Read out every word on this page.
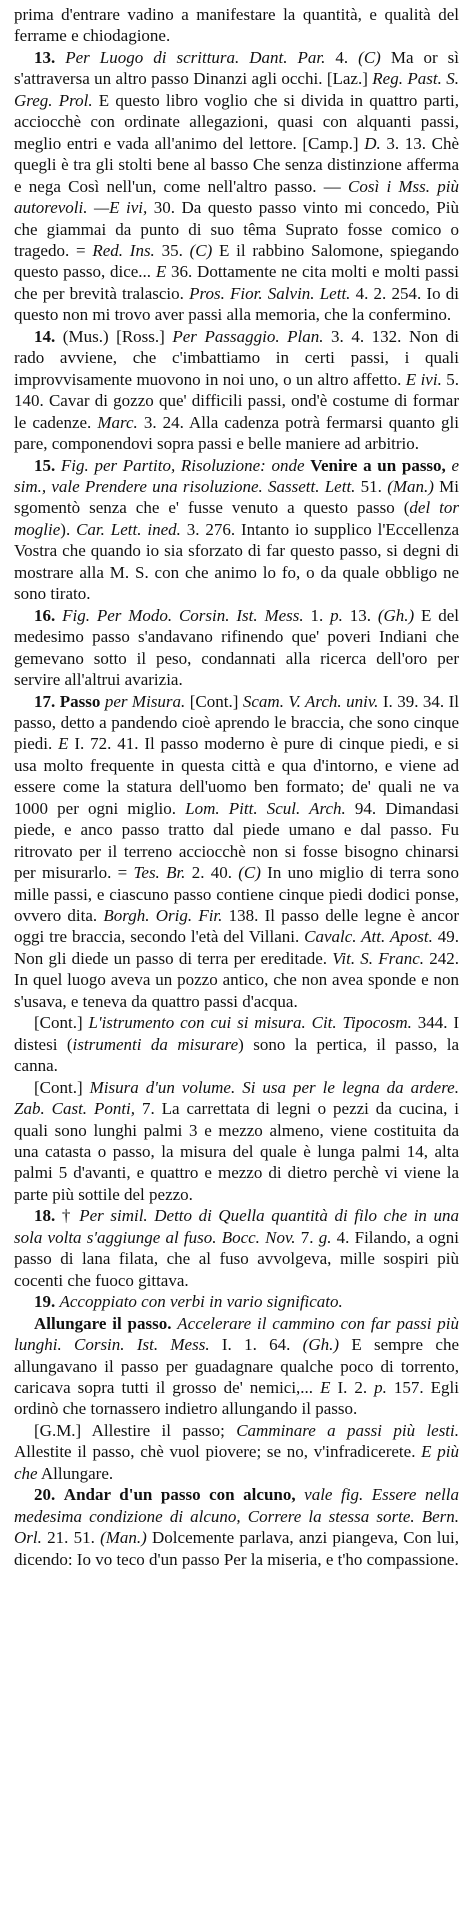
prima d'entrare vadino a manifestare la quantità, e qualità del ferrame e chiodagione.

13. Per Luogo di scrittura. Dant. Par. 4. (C) Ma or sì s'attraversa un altro passo Dinanzi agli occhi. [Laz.] Reg. Past. S. Greg. Prol. E questo libro voglio che si divida in quattro parti, acciocchè con ordinate allegazioni, quasi con alquanti passi, meglio entri e vada all'animo del lettore. [Camp.] D. 3. 13. Chè quegli è tra gli stolti bene al basso Che senza distinzione afferma e nega Così nell'un, come nell'altro passo. — Così i Mss. più autorevoli. —E ivi, 30. Da questo passo vinto mi concedo, Più che giammai da punto di suo têma Suprato fosse comico o tragedo. = Red. Ins. 35. (C) E il rabbino Salomone, spiegando questo passo, dice... E 36. Dottamente ne cita molti e molti passi che per brevità tralascio. Pros. Fior. Salvin. Lett. 4. 2. 254. Io di questo non mi trovo aver passi alla memoria, che la confermino.

14. (Mus.) [Ross.] Per Passaggio. Plan. 3. 4. 132. Non di rado avviene, che c'imbattiamo in certi passi, i quali improvvisamente muovono in noi uno, o un altro affetto. E ivi. 5. 140. Cavar di gozzo que' difficili passi, ond'è costume di formar le cadenze. Marc. 3. 24. Alla cadenza potrà fermarsi quanto gli pare, componendovi sopra passi e belle maniere ad arbitrio.

15. Fig. per Partito, Risoluzione: onde Venire a un passo, e sim., vale Prendere una risoluzione. Sassett. Lett. 51. (Man.) Mi sgomentò senza che e' fusse venuto a questo passo (del tor moglie). Car. Lett. ined. 3. 276. Intanto io supplico l'Eccellenza Vostra che quando io sia sforzato di far questo passo, si degni di mostrare alla M. S. con che animo lo fo, o da quale obbligo ne sono tirato.

16. Fig. Per Modo. Corsin. Ist. Mess. 1. p. 13. (Gh.) E del medesimo passo s'andavano rifinendo que' poveri Indiani che gemevano sotto il peso, condannati alla ricerca dell'oro per servire all'altrui avarizia.

17. Passo per Misura. [Cont.] Scam. V. Arch. univ. I. 39. 34. Il passo, detto a pandendo cioè aprendo le braccia, che sono cinque piedi. E I. 72. 41. Il passo moderno è pure di cinque piedi, e si usa molto frequente in questa città e qua d'intorno, e viene ad essere come la statura dell'uomo ben formato; de' quali ne va 1000 per ogni miglio. Lom. Pitt. Scul. Arch. 94. Dimandasi piede, e anco passo tratto dal piede umano e dal passo. Fu ritrovato per il terreno acciocchè non si fosse bisogno chinarsi per misurarlo. = Tes. Br. 2. 40. (C) In uno miglio di terra sono mille passi, e ciascuno passo contiene cinque piedi dodici ponse, ovvero dita. Borgh. Orig. Fir. 138. Il passo delle legne è ancor oggi tre braccia, secondo l'età del Villani. Cavalc. Att. Apost. 49. Non gli diede un passo di terra per ereditade. Vit. S. Franc. 242. In quel luogo aveva un pozzo antico, che non avea sponde e non s'usava, e teneva da quattro passi d'acqua.

[Cont.] L'istrumento con cui si misura. Cit. Tipocosm. 344. I distesi (istrumenti da misurare) sono la pertica, il passo, la canna.

[Cont.] Misura d'un volume. Si usa per le legna da ardere. Zab. Cast. Ponti, 7. La carrettata di legni o pezzi da cucina, i quali sono lunghi palmi 3 e mezzo almeno, viene costituita da una catasta o passo, la misura del quale è lunga palmi 14, alta palmi 5 d'avanti, e quattro e mezzo di dietro perchè vi viene la parte più sottile del pezzo.

18. † Per simil. Detto di Quella quantità di filo che in una sola volta s'aggiunge al fuso. Bocc. Nov. 7. g. 4. Filando, a ogni passo di lana filata, che al fuso avvolgeva, mille sospiri più cocenti che fuoco gittava.

19. Accoppiato con verbi in vario significato.

Allungare il passo. Accelerare il cammino con far passi più lunghi. Corsin. Ist. Mess. I. 1. 64. (Gh.) E sempre che allungavano il passo per guadagnare qualche poco di torrento, caricava sopra tutti il grosso de' nemici,... E I. 2. p. 157. Egli ordinò che tornassero indietro allungando il passo.

[G.M.] Allestire il passo; Camminare a passi più lesti. Allestite il passo, chè vuol piovere; se no, v'infradicerete. E più che Allungare.

20. Andar d'un passo con alcuno, vale fig. Essere nella medesima condizione di alcuno, Correre la stessa sorte. Bern. Orl. 21. 51. (Man.) Dolcemente parlava, anzi piangeva, Con lui, dicendo: Io vo teco d'un passo Per la miseria, e t'ho compassione.
